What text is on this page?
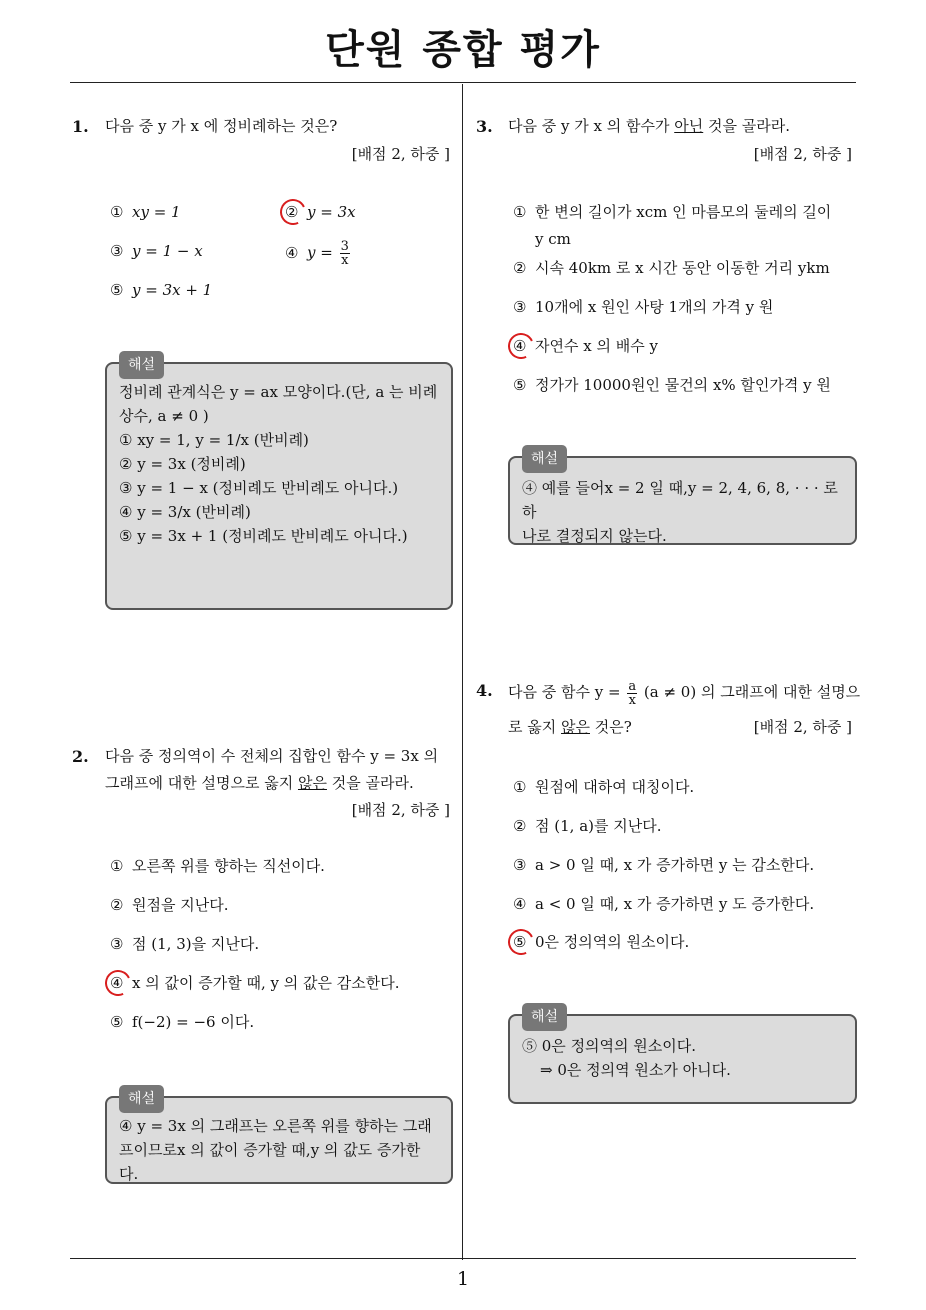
단원 종합 평가
1
1. 다음 중 y 가 x 에 정비례하는 것은?
[배점 2, 하중 ]
① xy = 1	② y = 3x
③ y = 1 − x	④ $y = \frac{3}{x}$
⑤ y = 3x + 1
해설
정비례 관계식은 y = ax 모양이다.(단, a 는 비례
상수, a ≠ 0 )
① xy = 1, y = 1/x (반비례)
② y = 3x (정비례)
③ y = 1 − x (정비례도 반비례도 아니다.)
④ y = 3/x (반비례)
⑤ y = 3x + 1 (정비례도 반비례도 아니다.)
2. 다음 중 정의역이 수 전체의 집합인 함수 y = 3x 의
그래프에 대한 설명으로 옳지 않은 것을 골라라.
[배점 2, 하중 ]
① 오른쪽 위를 향하는 직선이다.
② 원점을 지난다.
③ 점 (1, 3)을 지난다.
④ x 의 값이 증가할 때, y 의 값은 감소한다.
⑤ f(−2) = −6 이다.
해설
④ y = 3x 의 그래프는 오른쪽 위를 향하는 그래
프이므로x 의 값이 증가할 때,y 의 값도 증가한다.
3. 다음 중 y 가 x 의 함수가 아닌 것을 골라라.
[배점 2, 하중 ]
① 한 변의 길이가 xcm 인 마름모의 둘레의 길이
y cm
② 시속 40km 로 x 시간 동안 이동한 거리 ykm
③ 10개에 x 원인 사탕 1개의 가격 y 원
④ 자연수 x 의 배수 y
⑤ 정가가 10000원인 물건의 x% 할인가격 y 원
해설
④ 예를 들어x = 2 일 때,y = 2, 4, 6, 8, · · · 로 하
나로 결정되지 않는다.
4. 다음 중 함수 $y = \frac{a}{x} (a \ne 0)$ 의 그래프에 대한 설명으
로 옳지 않은 것은?	[배점 2, 하중 ]
① 원점에 대하여 대칭이다.
② 점 (1, a)를 지난다.
③ a > 0 일 때, x 가 증가하면 y 는 감소한다.
④ a < 0 일 때, x 가 증가하면 y 도 증가한다.
⑤ 0은 정의역의 원소이다.
해설
⑤ 0은 정의역의 원소이다.
⇒ 0은 정의역 원소가 아니다.
